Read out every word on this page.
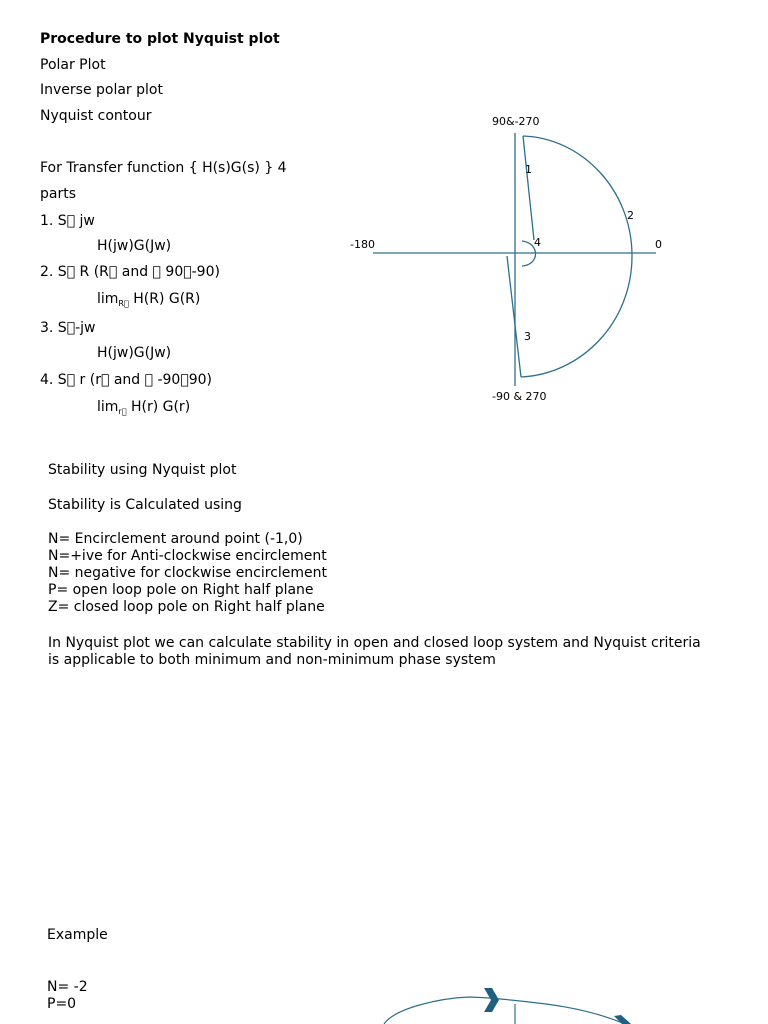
Procedure to plot Nyquist plot
Polar Plot
Inverse polar plot
Nyquist contour
For Transfer function { H(s)G(s) } 4
parts
1. S  jw
H(jw)G(Jw)
2. S  R (R  and   90 -90)
$\lim_{R } H(R)$ G(R)
3. S -jw
H(jw)G(Jw)
4. S  r (r  and   -90 90)
$\lim_{r } H(r)$ G(r)
90&-270
-90 & 270
-180	0
1
2
3
4
Stability using Nyquist plot
Stability is Calculated using
N= Encirclement around point (-1,0)
N=+ive for Anti-clockwise encirclement
N= negative for clockwise encirclement
P= open loop pole on Right half plane
Z= closed loop pole on Right half plane
In Nyquist plot we can calculate stability in open and closed loop system and Nyquist criteria
is applicable to both minimum and non-minimum phase system
Example
N= -2
P=0
